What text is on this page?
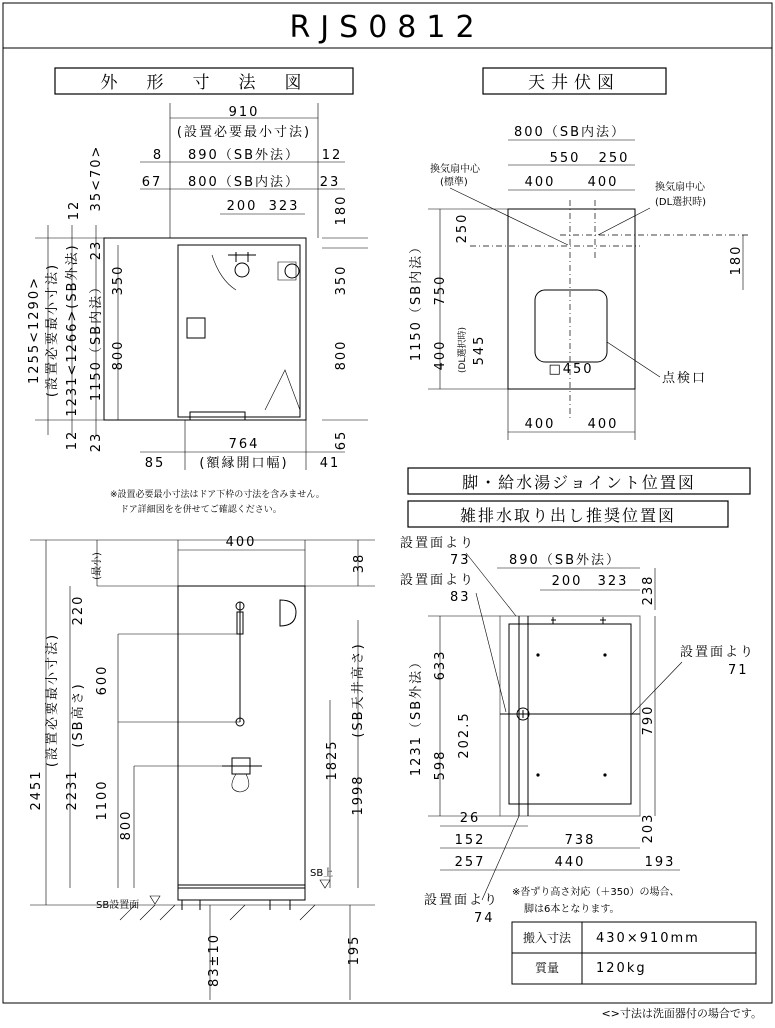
RJS0812
外　形　寸　法　図
910
(設置必要最小寸法)
8 890（SB外法） 12
67 800（SB内法） 23
200 323	180
350
800
65
350
800
12 35<70>
1255<1290> (設置必要最小寸法) 1231<1266>(SB外法) 23
1150（SB内法）
12 23	764
(額縁開口幅)
85	41
※設置必要最小寸法はドア下枠の寸法を含みません。
ドア詳細図をを併せてご確認ください。
天井伏図
800（SB内法）
550 250
400 400
換気扇中心
(標準)	換気扇中心
(DL選択時)
□450
点検口
250
750
1150（SB内法） 400 (DL選択時) 545
180
400 400
脚・給水湯ジョイント位置図
雑排水取り出し推奨位置図
設置面より
73
設置面より
83
890（SB外法）
200 323 238
設置面より
71
1231（SB外法） 633
598
202.5	790
203
26
152	738
257	440	193
設置面より
74
※沓ずり高さ対応（＋350）の場合、
脚は6本となります。
搬入寸法 430×910mm
質量	120kg
400
38
220
(最小)
2451
(設置必要最小寸法)
2231
(SB高さ)
600
1100
800
1825
1998
(SB天井高さ)
SB上
SB設置面
83±10	195
<>寸法は洗面器付の場合です。
